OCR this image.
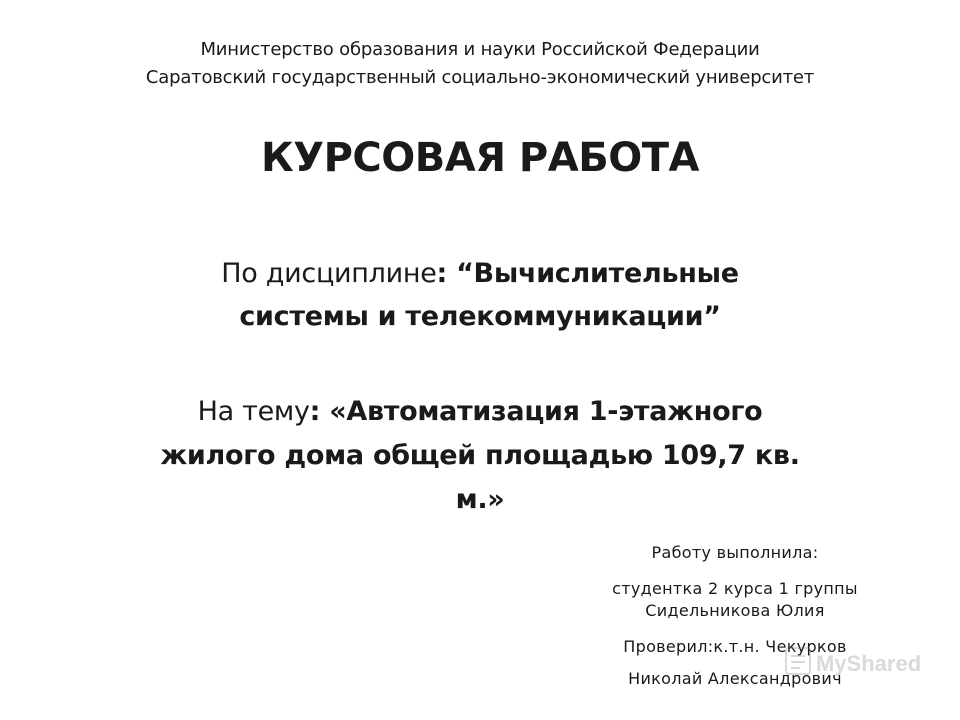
Министерство образования и науки Российской Федерации
Саратовский государственный социально-экономический университет
КУРСОВАЯ РАБОТА
По дисциплине: “Вычислительные
системы и телекоммуникации”
На тему: «Автоматизация 1-этажного
жилого дома общей площадью 109,7 кв.
м.»
Работу выполнила:
студентка 2 курса 1 группы
Сидельникова Юлия
Проверил:к.т.н. Чекурков
Николай Александрович
MyShared
